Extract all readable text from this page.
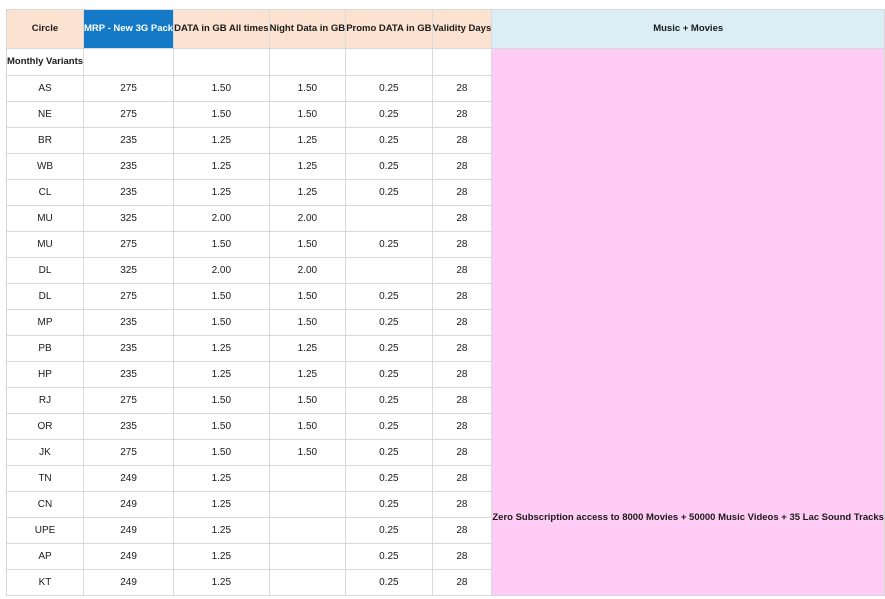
Circle	MRP - New 3G Pack	DATA in GB All times	Night Data in GB	Promo DATA in GB	Validity Days	Music + Movies
Monthly Variants						Zero Subscription access to 8000 Movies + 50000 Music Videos + 35 Lac Sound Tracks

AS	275	1.50	1.50	0.25	28	
NE	275	1.50	1.50	0.25	28	
BR	235	1.25	1.25	0.25	28	
WB	235	1.25	1.25	0.25	28	
CL	235	1.25	1.25	0.25	28	
MU	325	2.00	2.00		28	
MU	275	1.50	1.50	0.25	28	
DL	325	2.00	2.00		28	
DL	275	1.50	1.50	0.25	28	
MP	235	1.50	1.50	0.25	28	
PB	235	1.25	1.25	0.25	28	
HP	235	1.25	1.25	0.25	28	
RJ	275	1.50	1.50	0.25	28	
OR	235	1.50	1.50	0.25	28	
JK	275	1.50	1.50	0.25	28	
TN	249	1.25		0.25	28	
CN	249	1.25		0.25	28	
UPE	249	1.25		0.25	28	
AP	249	1.25		0.25	28	
KT	249	1.25		0.25	28	
